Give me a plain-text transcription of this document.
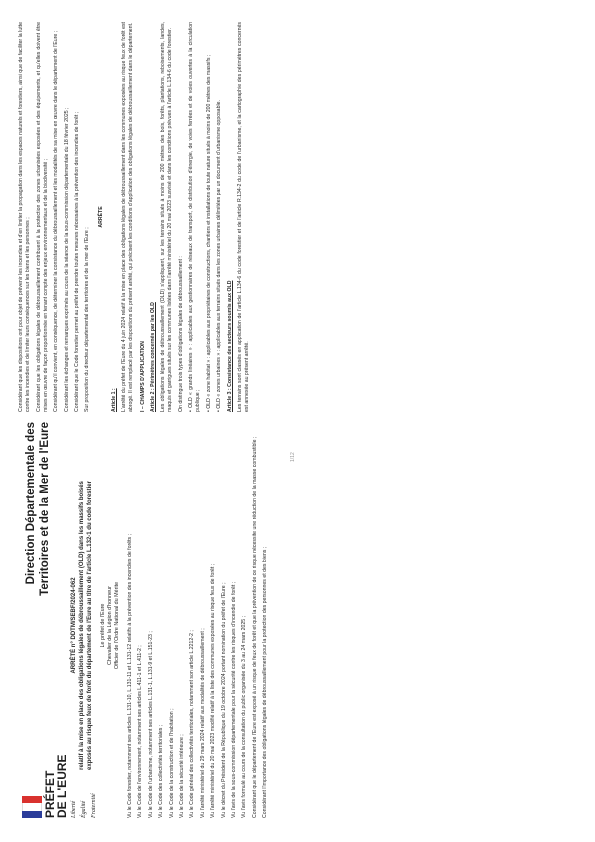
PRÉFET
DE L'EURE Liberté Égalité Fraternité
Direction Départementale des Territoires et de la Mer de l'Eure
ARRÊTÉ n° DDTM/SEBF/2024-062 relatif à la mise en place des obligations légales de débroussaillement (OLD) dans les massifs boisés exposés au risque feux de forêt du département de l'Eure au titre de l'article L.132-1 du code forestier Le préfet de l'Eure Chevalier de la Légion d'honneur Officier de l'Ordre National du Mérite Vu le Code forestier, notamment ses articles L.131-10, L.131-11 et L.131-12 relatifs à la prévention des incendies de forêts ; Vu le Code de l'environnement, notamment ses articles L.411-1 et L.411-2 ; Vu le Code de l'urbanisme, notamment ses articles L.131-1, L.131-9 et L.151-23 ; Vu le Code des collectivités territoriales ; Vu le Code de la construction et de l'habitation ; Vu le Code de la sécurité intérieure ; Vu le Code général des collectivités territoriales, notamment son article L.2212-2 ; Vu l'arrêté ministériel du 29 mars 2024 relatif aux modalités de débroussaillement ; Vu l'arrêté ministériel du 20 mai 2023 modifié relatif à la liste des communes exposées au risque feux de forêt ; Vu le décret du Président de la République du 19 octobre 2024 portant nomination du préfet de l'Eure ; Vu l'avis de la sous-commission départementale pour la sécurité contre les risques d'incendie de forêt ; Vu l'avis formulé au cours de la consultation du public organisée du 3 au 24 mars 2025 ; Considérant que le département de l'Eure est exposé à un risque de feux de forêt et que la prévention de ce risque nécessite une réduction de la masse combustible ; Considérant l'importance des obligations légales de débroussaillement pour la protection des personnes et des biens ;

1/12

Considérant que les dispositions ont pour objet de prévenir les incendies et d'en limiter la propagation dans les espaces naturels et forestiers, ainsi que de faciliter la lutte contre les incendies et de limiter leurs conséquences sur les biens et les personnes ; Considérant que les obligations légales de débroussaillement contribuent à la protection des zones urbanisées exposées et des équipements, et qu'elles doivent être mises en œuvre de façon proportionnée en tenant compte des enjeux environnementaux et de la biodiversité ; Considérant qu'il convient, en conséquence, de déterminer la consistance du débroussaillement et les modalités de sa mise en œuvre dans le département de l'Eure ; Considérant les échanges et remarques exprimés au cours de la séance de la sous-commission départementale du 18 février 2025 ; Considérant que le Code forestier permet au préfet de prendre toutes mesures nécessaires à la prévention des incendies de forêt ; Sur proposition du directeur départemental des territoires et de la mer de l'Eure ;

ARRÊTE

Article 1 : L'arrêté du préfet de l'Eure du 4 juin 2024 relatif à la mise en place des obligations légales de débroussaillement dans les communes exposées au risque feux de forêt est abrogé. Il est remplacé par les dispositions du présent arrêté, qui précisent les conditions d'application des obligations légales de débroussaillement dans le département. I – CHAMPS D'APPLICATION Article 2 : Périmètres concernés par les OLD Les obligations légales de débroussaillement (OLD) s'appliquent, sur les terrains situés à moins de 200 mètres des bois, forêts, plantations, reboisements, landes, maquis et garrigues situés sur les communes listées dans l'arrêté ministériel du 20 mai 2023 susvisé et dans les conditions prévues à l'article L.134-6 du code forestier. On distingue trois types d'obligations légales de débroussaillement : • OLD « grands linéaires » : applicables aux gestionnaires de réseaux de transport, de distribution d'énergie, de voies ferrées et de voies ouvertes à la circulation publique ; • OLD « zone habitat » : applicables aux propriétaires de constructions, chantiers et installations de toute nature situés à moins de 200 mètres des massifs ; • OLD « zones urbaines » : applicables aux terrains situés dans les zones urbaines délimitées par un document d'urbanisme opposable. Article 3 : Consistance des secteurs soumis aux OLD Les terrains sont classés en application de l'article L.134-6 du code forestier et de l'article R.134-2 du code de l'urbanisme, et la cartographie des périmètres concernés est annexée au présent arrêté.
